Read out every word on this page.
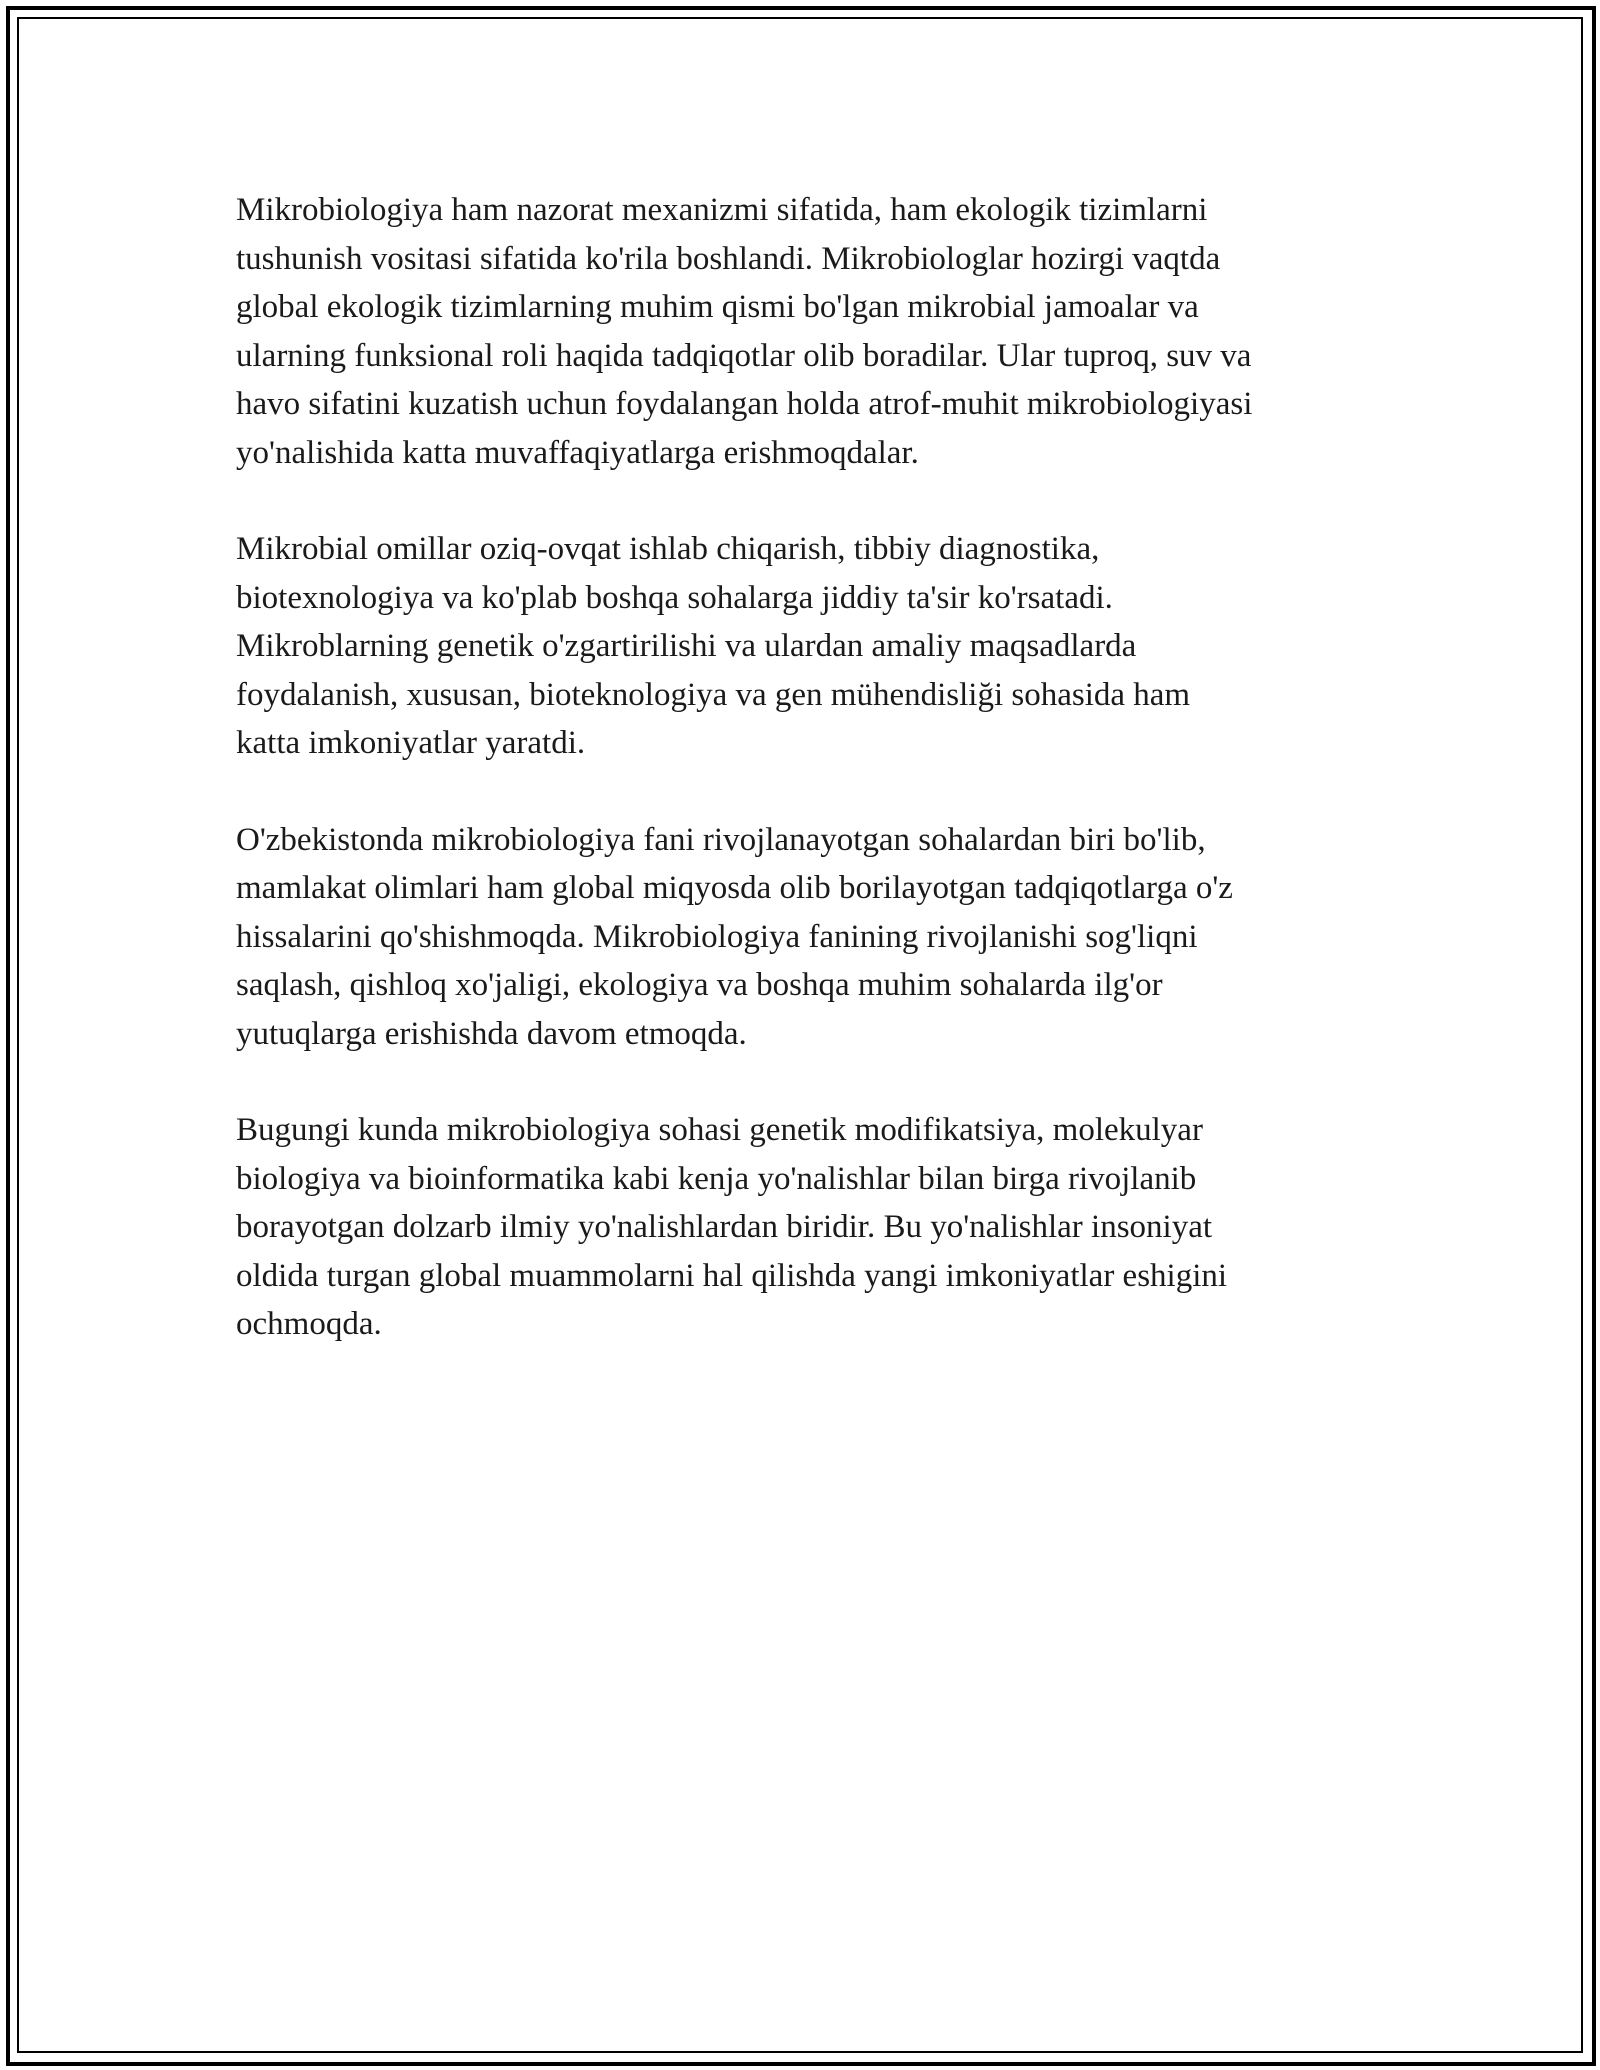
Mikrobiologiya ham nazorat mexanizmi sifatida, ham ekologik tizimlarni
tushunish vositasi sifatida ko'rila boshlandi. Mikrobiologlar hozirgi vaqtda
global ekologik tizimlarning muhim qismi bo'lgan mikrobial jamoalar va
ularning funksional roli haqida tadqiqotlar olib boradilar. Ular tuproq, suv va
havo sifatini kuzatish uchun foydalangan holda atrof-muhit mikrobiologiyasi
yo'nalishida katta muvaffaqiyatlarga erishmoqdalar.

Mikrobial omillar oziq-ovqat ishlab chiqarish, tibbiy diagnostika,
biotexnologiya va ko'plab boshqa sohalarga jiddiy ta'sir ko'rsatadi.
Mikroblarning genetik o'zgartirilishi va ulardan amaliy maqsadlarda
foydalanish, xususan, bioteknologiya va gen mühendisliği sohasida ham
katta imkoniyatlar yaratdi.

O'zbekistonda mikrobiologiya fani rivojlanayotgan sohalardan biri bo'lib,
mamlakat olimlari ham global miqyosda olib borilayotgan tadqiqotlarga o'z
hissalarini qo'shishmoqda. Mikrobiologiya fanining rivojlanishi sog'liqni
saqlash, qishloq xo'jaligi, ekologiya va boshqa muhim sohalarda ilg'or
yutuqlarga erishishda davom etmoqda.

Bugungi kunda mikrobiologiya sohasi genetik modifikatsiya, molekulyar
biologiya va bioinformatika kabi kenja yo'nalishlar bilan birga rivojlanib
borayotgan dolzarb ilmiy yo'nalishlardan biridir. Bu yo'nalishlar insoniyat
oldida turgan global muammolarni hal qilishda yangi imkoniyatlar eshigini
ochmoqda.
